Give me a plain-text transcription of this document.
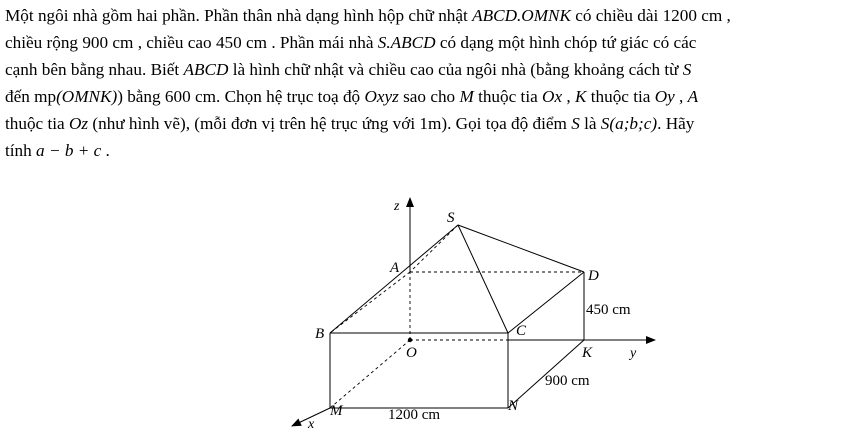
Một ngôi nhà gồm hai phần. Phần thân nhà dạng hình hộp chữ nhật ABCD.OMNK có chiều dài 1200 cm ,

chiều rộng 900 cm , chiều cao 450 cm . Phần mái nhà S.ABCD có dạng một hình chóp tứ giác có các

cạnh bên bằng nhau. Biết ABCD là hình chữ nhật và chiều cao của ngôi nhà (bằng khoảng cách từ S

đến mp(OMNK)) bằng 600 cm. Chọn hệ trục toạ độ Oxyz sao cho M thuộc tia Ox , K thuộc tia Oy , A

thuộc tia Oz (như hình vẽ), (mỗi đơn vị trên hệ trục ứng với 1m). Gọi tọa độ điểm S là S(a;b;c). Hãy

tính a − b + c .

S
A	D
B	C
O	K
M	N
z
y
x
450 cm
900 cm
1200 cm
